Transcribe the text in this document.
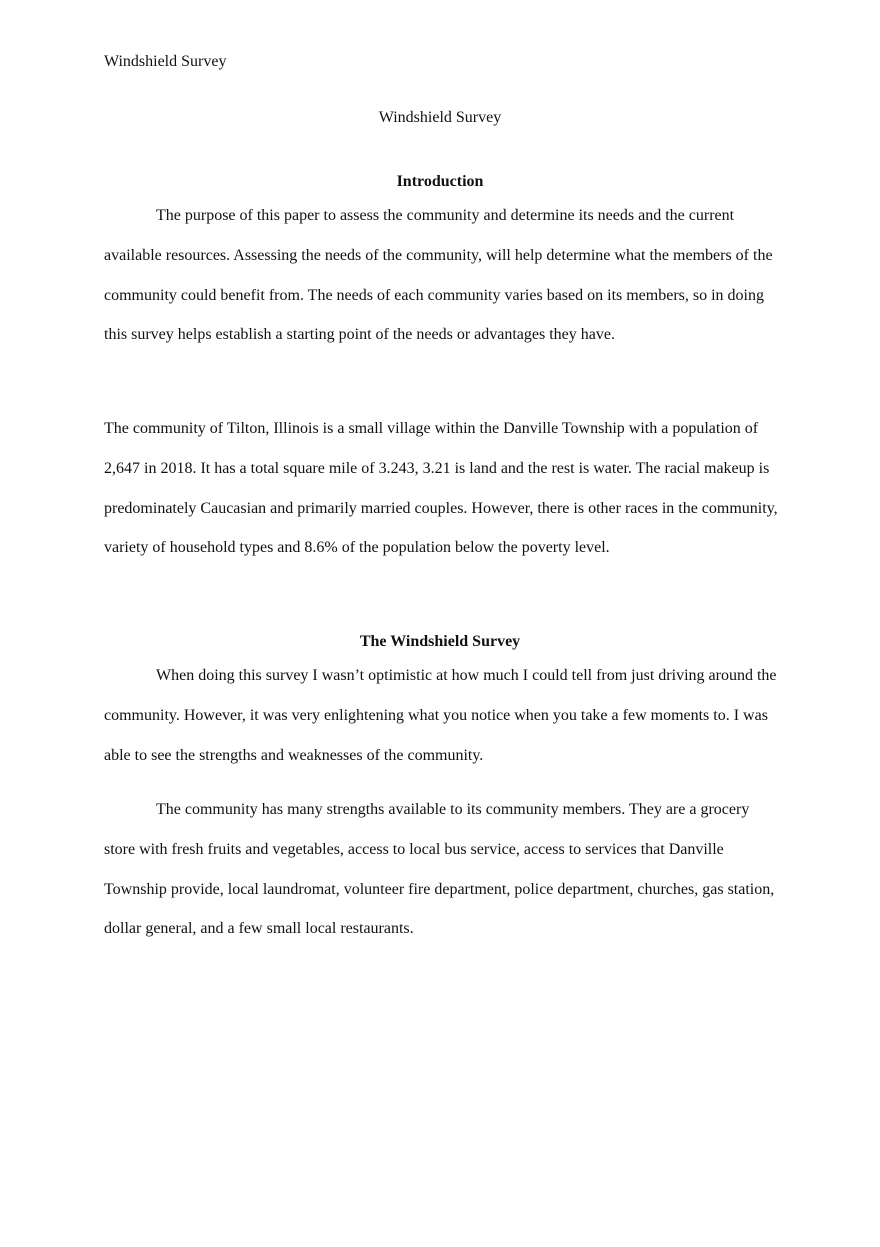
Windshield Survey

Windshield Survey

Introduction

The purpose of this paper to assess the community and determine its needs and the current available resources. Assessing the needs of the community, will help determine what the members of the community could benefit from. The needs of each community varies based on its members, so in doing this survey helps establish a starting point of the needs or advantages they have.

The community of Tilton, Illinois is a small village within the Danville Township with a population of 2,647 in 2018. It has a total square mile of 3.243, 3.21 is land and the rest is water. The racial makeup is predominately Caucasian and primarily married couples. However, there is other races in the community, variety of household types and 8.6% of the population below the poverty level.

The Windshield Survey

When doing this survey I wasn’t optimistic at how much I could tell from just driving around the community. However, it was very enlightening what you notice when you take a few moments to. I was able to see the strengths and weaknesses of the community.

The community has many strengths available to its community members. They are a grocery store with fresh fruits and vegetables, access to local bus service, access to services that Danville Township provide, local laundromat, volunteer fire department, police department, churches, gas station, dollar general, and a few small local restaurants.
